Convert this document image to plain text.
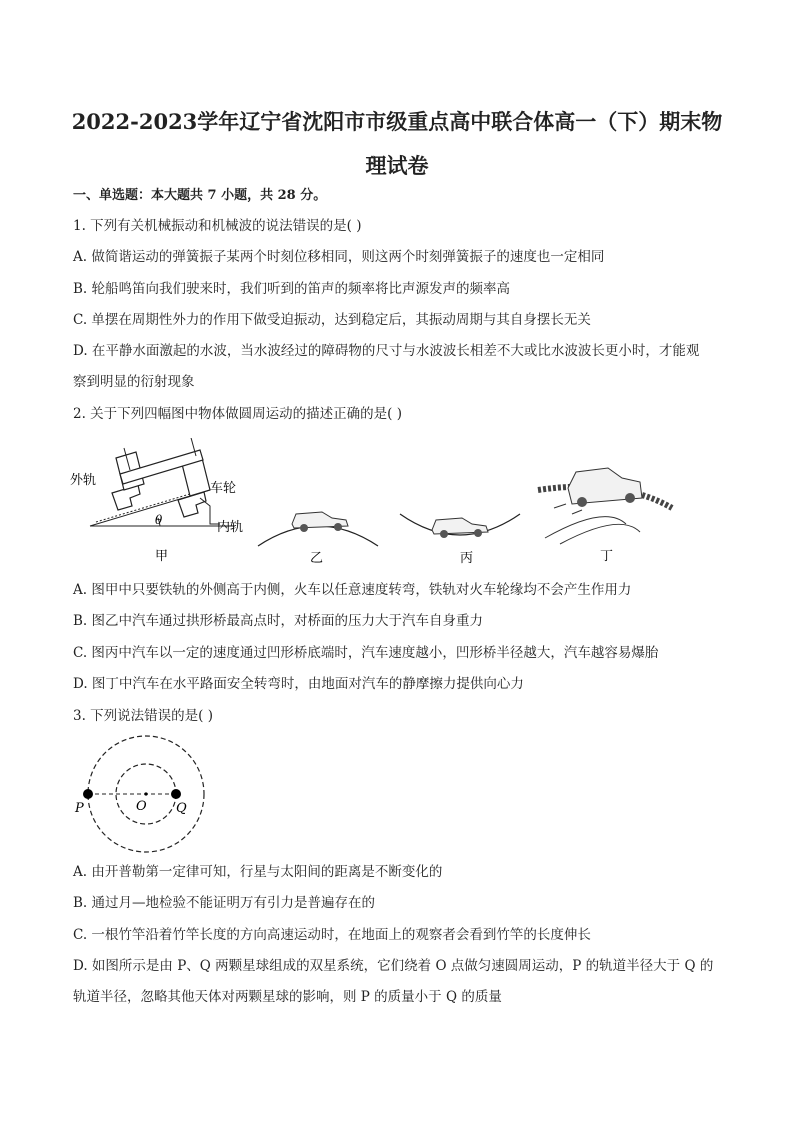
2022-2023学年辽宁省沈阳市市级重点高中联合体高一（下）期末物
理试卷
一、单选题：本大题共 7 小题，共 28 分。
1. 下列有关机械振动和机械波的说法错误的是( )
A. 做简谐运动的弹簧振子某两个时刻位移相同，则这两个时刻弹簧振子的速度也一定相同
B. 轮船鸣笛向我们驶来时，我们听到的笛声的频率将比声源发声的频率高
C. 单摆在周期性外力的作用下做受迫振动，达到稳定后，其振动周期与其自身摆长无关
D. 在平静水面激起的水波，当水波经过的障碍物的尺寸与水波波长相差不大或比水波波长更小时，才能观
察到明显的衍射现象
2. 关于下列四幅图中物体做圆周运动的描述正确的是( )
外轨
车轮
内轨
θ
甲	乙	丙	丁
A. 图甲中只要铁轨的外侧高于内侧，火车以任意速度转弯，铁轨对火车轮缘均不会产生作用力
B. 图乙中汽车通过拱形桥最高点时，对桥面的压力大于汽车自身重力
C. 图丙中汽车以一定的速度通过凹形桥底端时，汽车速度越小，凹形桥半径越大，汽车越容易爆胎
D. 图丁中汽车在水平路面安全转弯时，由地面对汽车的静摩擦力提供向心力
3. 下列说法错误的是( )
P	O Q
A. 由开普勒第一定律可知，行星与太阳间的距离是不断变化的
B. 通过月—地检验不能证明万有引力是普遍存在的
C. 一根竹竿沿着竹竿长度的方向高速运动时，在地面上的观察者会看到竹竿的长度伸长
D. 如图所示是由 P、Q 两颗星球组成的双星系统，它们绕着 O 点做匀速圆周运动，P 的轨道半径大于 Q 的
轨道半径，忽略其他天体对两颗星球的影响，则 P 的质量小于 Q 的质量
